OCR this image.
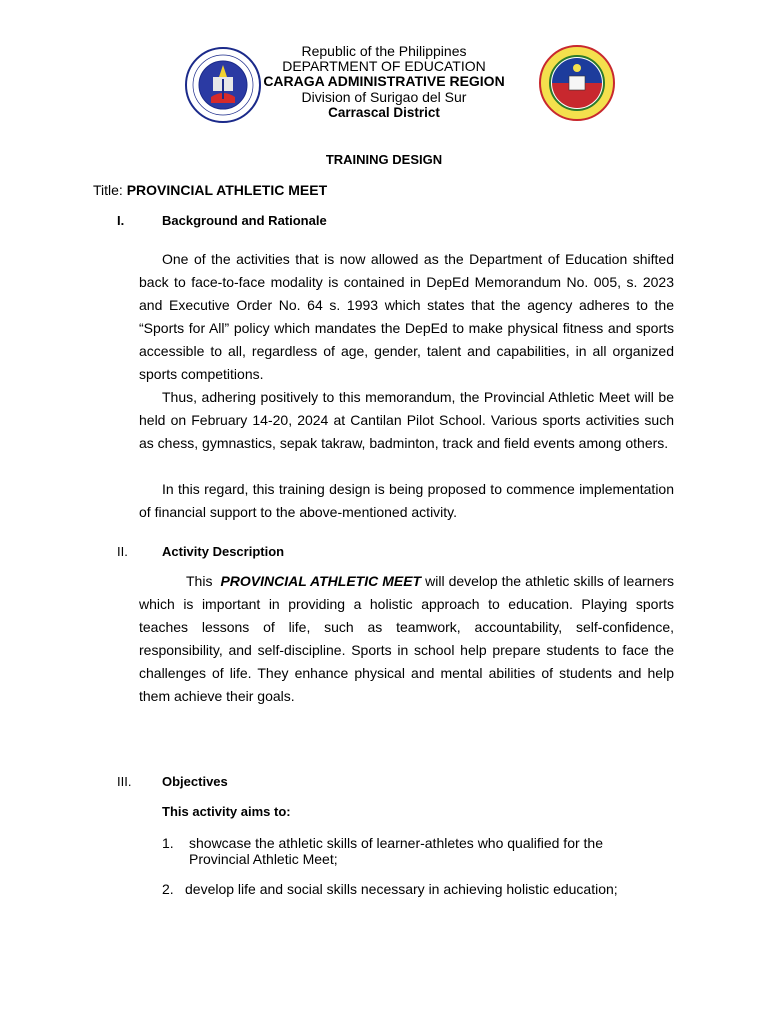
Republic of the Philippines
DEPARTMENT OF EDUCATION
CARAGA ADMINISTRATIVE REGION
Division of Surigao del Sur
Carrascal District
TRAINING DESIGN
Title: PROVINCIAL ATHLETIC MEET
I.	Background and Rationale

One of the activities that is now allowed as the Department of Education shifted back to face-to-face modality is contained in DepEd Memorandum No. 005, s. 2023 and Executive Order No. 64 s. 1993 which states that the agency adheres to the “Sports for All” policy which mandates the DepEd to make physical fitness and sports accessible to all, regardless of age, gender, talent and capabilities, in all organized sports competitions.

Thus, adhering positively to this memorandum, the Provincial Athletic Meet will be held on February 14-20, 2024 at Cantilan Pilot School. Various sports activities such as chess, gymnastics, sepak takraw, badminton, track and field events among others.

In this regard, this training design is being proposed to commence implementation of financial support to the above-mentioned activity.

II.	Activity Description

This PROVINCIAL ATHLETIC MEET will develop the athletic skills of learners which is important in providing a holistic approach to education. Playing sports teaches lessons of life, such as teamwork, accountability, self-confidence, responsibility, and self-discipline. Sports in school help prepare students to face the challenges of life. They enhance physical and mental abilities of students and help them achieve their goals.

III. Objectives
This activity aims to:
1. showcase the athletic skills of learner-athletes who qualified for the Provincial Athletic Meet;
2. develop life and social skills necessary in achieving holistic education;
